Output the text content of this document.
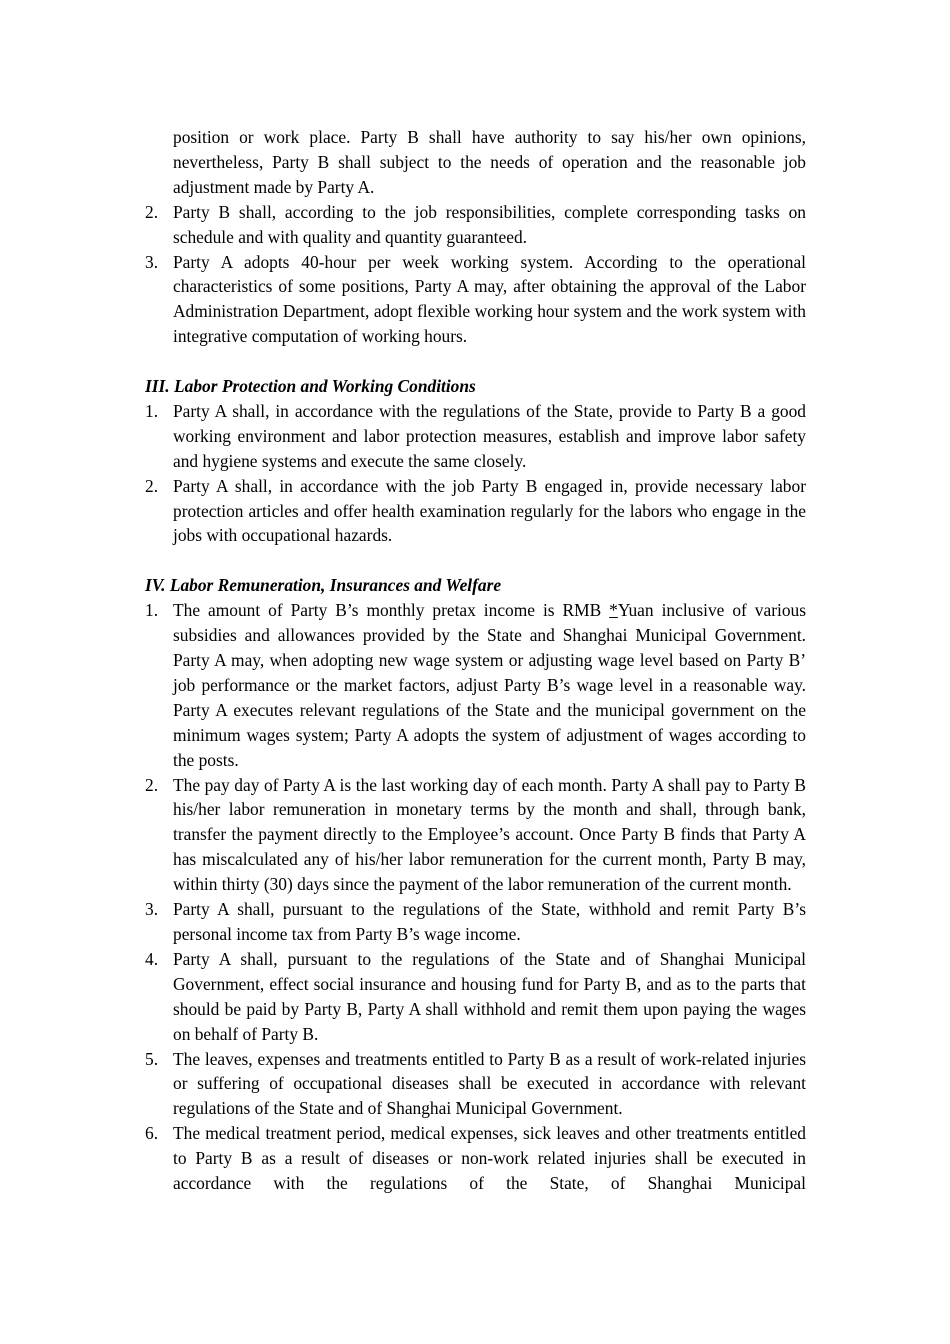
position or work place. Party B shall have authority to say his/her own opinions, nevertheless, Party B shall subject to the needs of operation and the reasonable job adjustment made by Party A.
2. Party B shall, according to the job responsibilities, complete corresponding tasks on schedule and with quality and quantity guaranteed.
3. Party A adopts 40-hour per week working system. According to the operational characteristics of some positions, Party A may, after obtaining the approval of the Labor Administration Department, adopt flexible working hour system and the work system with integrative computation of working hours.
III. Labor Protection and Working Conditions
1. Party A shall, in accordance with the regulations of the State, provide to Party B a good working environment and labor protection measures, establish and improve labor safety and hygiene systems and execute the same closely.
2. Party A shall, in accordance with the job Party B engaged in, provide necessary labor protection articles and offer health examination regularly for the labors who engage in the jobs with occupational hazards.
IV. Labor Remuneration, Insurances and Welfare
1. The amount of Party B’s monthly pretax income is RMB *Yuan inclusive of various subsidies and allowances provided by the State and Shanghai Municipal Government. Party A may, when adopting new wage system or adjusting wage level based on Party B’ job performance or the market factors, adjust Party B’s wage level in a reasonable way. Party A executes relevant regulations of the State and the municipal government on the minimum wages system; Party A adopts the system of adjustment of wages according to the posts.
2. The pay day of Party A is the last working day of each month. Party A shall pay to Party B his/her labor remuneration in monetary terms by the month and shall, through bank, transfer the payment directly to the Employee’s account. Once Party B finds that Party A has miscalculated any of his/her labor remuneration for the current month, Party B may, within thirty (30) days since the payment of the labor remuneration of the current month.
3. Party A shall, pursuant to the regulations of the State, withhold and remit Party B’s personal income tax from Party B’s wage income.
4. Party A shall, pursuant to the regulations of the State and of Shanghai Municipal Government, effect social insurance and housing fund for Party B, and as to the parts that should be paid by Party B, Party A shall withhold and remit them upon paying the wages on behalf of Party B.
5. The leaves, expenses and treatments entitled to Party B as a result of work-related injuries or suffering of occupational diseases shall be executed in accordance with relevant regulations of the State and of Shanghai Municipal Government.
6. The medical treatment period, medical expenses, sick leaves and other treatments entitled to Party B as a result of diseases or non-work related injuries shall be executed in accordance with the regulations of the State, of Shanghai Municipal
